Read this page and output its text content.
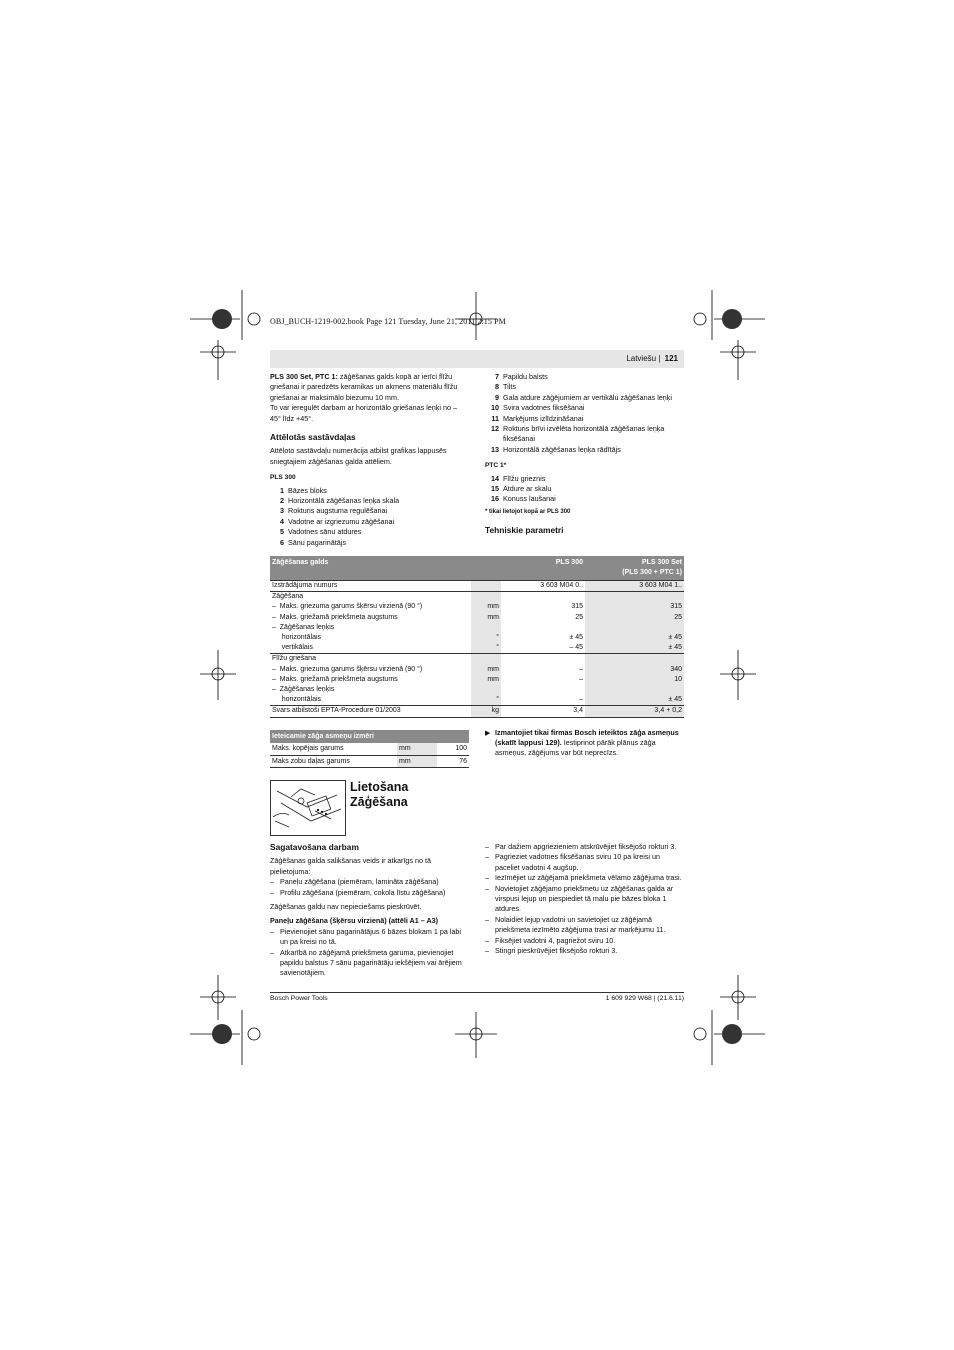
OBJ_BUCH-1219-002.book Page 121 Tuesday, June 21, 2011 2:15 PM
Latviešu | 121
PLS 300 Set, PTC 1: zāģēšanas galds kopā ar ierīci flīžu griešanai ir paredzēts keramikas un akmens materiālu flīžu griešanai ar maksimālo biezumu 10 mm.
To var ieregulēt darbam ar horizontālo griešanas leņķi no – 45° līdz +45°.
Attēlotās sastāvdaļas
Attēloto sastāvdaļu numerācija atbilst grafikas lappusēs sniegtajiem zāģēšanas galda attēliem.
PLS 300
1 Bāzes bloks
2 Horizontālā zāģēšanas leņķa skala
3 Rokturis augstuma regulēšanai
4 Vadotne ar izgriezumu zāģēšanai
5 Vadotnes sānu atdures
6 Sānu pagarinātājs
7 Papildu balsts
8 Tilts
9 Gala atdure zāģējumiem ar vertikālu zāģēšanas leņķi
10 Svira vadotnes fiksēšanai
11 Marķējums izlīdzināšanai
12 Rokturis brīvi izvēlēta horizontālā zāģēšanas leņķa fiksēšanai
13 Horizontālā zāģēšanas leņķa rādītājs
PTC 1*
14 Flīžu grieznis
15 Atdure ar skalu
16 Konuss laušanai
* tikai lietojot kopā ar PLS 300
Tehniskie parametri
Zāģēšanas galds		PLS 300	PLS 300 Set
(PLS 300 + PTC 1)
Izstrādājuma numurs		3 603 M04 0..	3 603 M04 1..
Zāģēšana			
–  Maks. griezuma garums šķērsu virzienā (90 °)	mm	315	315
–  Maks. griežamā priekšmeta augstums	mm	25	25
–  Zāģēšanas leņķis			
horizontālais	°	± 45	± 45
vertikālais	°	– 45	± 45
Flīžu griešana			
–  Maks. griezuma garums šķērsu virzienā (90 °)	mm	–	340
–  Maks. griežamā priekšmeta augstums	mm	–	10
–  Zāģēšanas leņķis			
horizontālais	°	–	± 45
Svars atbilstoši EPTA-Procedure 01/2003	kg	3,4	3,4 + 0,2
Ieteicamie zāģa asmeņu izmēri		
Maks. kopējais garums	mm	100
Maks zobu daļas garums	mm	76
▶ Izmantojiet tikai firmas Bosch ieteiktos zāģa asmeņus (skatīt lappusi 129). Iestiprinot pārāk plānus zāģa asmeņus, zāģējums var būt neprecīzs.
Lietošana
Zāģēšana
Sagatavošana darbam
Zāģēšanas galda salikšanas veids ir atkarīgs no tā pielietojuma:
– Paneļu zāģēšana (piemēram, lamināta zāģēšana)
– Profilu zāģēšana (piemēram, cokola līstu zāģēšana)
Zāģēšanas galdu nav nepieciešams pieskrūvēt.
Paneļu zāģēšana (šķērsu virzienā) (attēli A1 – A3)
– Pievienojiet sānu pagarinātājus 6 bāzes blokam 1 pa labi un pa kreisi no tā.
– Atkarībā no zāģējamā priekšmeta garuma, pievienojiet papildu balstus 7 sānu pagarinātāju iekšējiem vai ārējiem savienotājiem.
– Par dažiem apgriezieniem atskrūvējiet fiksējošo rokturi 3.
– Pagrieziet vadotnes fiksēšanas sviru 10 pa kreisi un paceliet vadotni 4 augšup.
– Iezīmējiet uz zāģējamā priekšmeta vēlamo zāģējuma trasi.
– Novietojiet zāģējamo priekšmetu uz zāģēšanas galda ar virspusi lejup un piespiediet tā malu pie bāzes bloka 1 atdures.
– Nolaidiet lejup vadotni un savietojiet uz zāģējamā priekšmeta iezīmēto zāģējuma trasi ar marķējumu 11.
– Fiksējiet vadotni 4, pagriežot sviru 10.
– Stingri pieskrūvējiet fiksējošo rokturi 3.
Bosch Power Tools	1 609 929 W68 | (21.6.11)
